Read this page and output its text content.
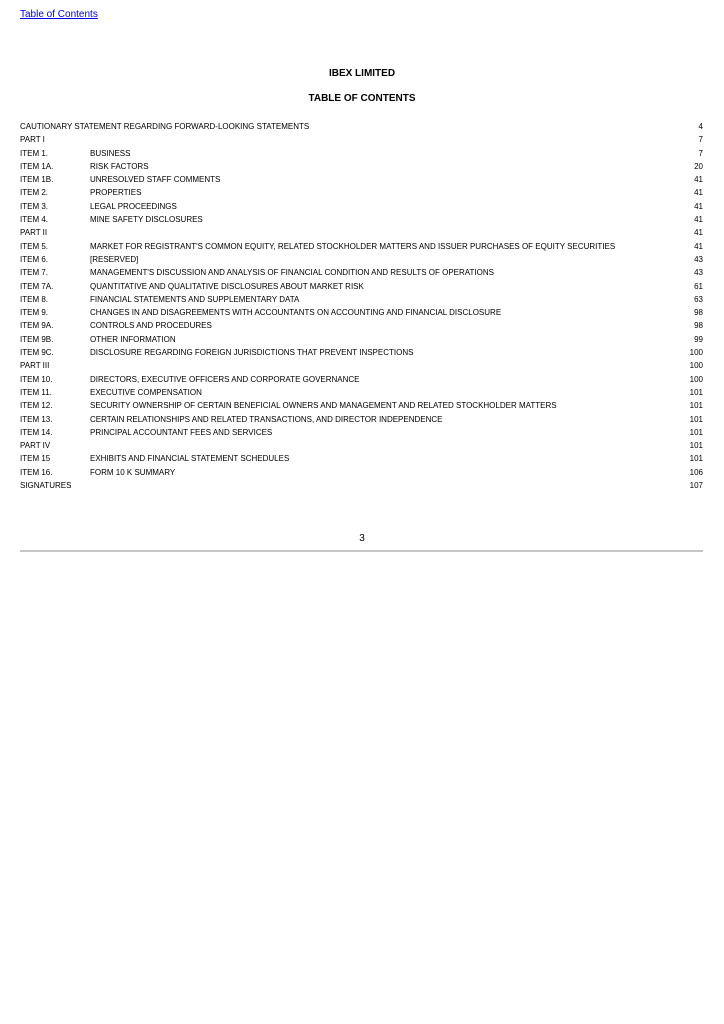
Table of Contents
IBEX LIMITED
TABLE OF CONTENTS
CAUTIONARY STATEMENT REGARDING FORWARD-LOOKING STATEMENTS	4
PART I	7
ITEM 1.	BUSINESS	7
ITEM 1A.	RISK FACTORS	20
ITEM 1B.	UNRESOLVED STAFF COMMENTS	41
ITEM 2.	PROPERTIES	41
ITEM 3.	LEGAL PROCEEDINGS	41
ITEM 4.	MINE SAFETY DISCLOSURES	41
PART II	41
ITEM 5.	MARKET FOR REGISTRANT'S COMMON EQUITY, RELATED STOCKHOLDER MATTERS AND ISSUER PURCHASES OF EQUITY SECURITIES	41
ITEM 6.	[RESERVED]	43
ITEM 7.	MANAGEMENT'S DISCUSSION AND ANALYSIS OF FINANCIAL CONDITION AND RESULTS OF OPERATIONS	43
ITEM 7A.	QUANTITATIVE AND QUALITATIVE DISCLOSURES ABOUT MARKET RISK	61
ITEM 8.	FINANCIAL STATEMENTS AND SUPPLEMENTARY DATA	63
ITEM 9.	CHANGES IN AND DISAGREEMENTS WITH ACCOUNTANTS ON ACCOUNTING AND FINANCIAL DISCLOSURE	98
ITEM 9A.	CONTROLS AND PROCEDURES	98
ITEM 9B.	OTHER INFORMATION	99
ITEM 9C.	DISCLOSURE REGARDING FOREIGN JURISDICTIONS THAT PREVENT INSPECTIONS	100
PART III	100
ITEM 10.	DIRECTORS, EXECUTIVE OFFICERS AND CORPORATE GOVERNANCE	100
ITEM 11.	EXECUTIVE COMPENSATION	101
ITEM 12.	SECURITY OWNERSHIP OF CERTAIN BENEFICIAL OWNERS AND MANAGEMENT AND RELATED STOCKHOLDER MATTERS	101
ITEM 13.	CERTAIN RELATIONSHIPS AND RELATED TRANSACTIONS, AND DIRECTOR INDEPENDENCE	101
ITEM 14.	PRINCIPAL ACCOUNTANT FEES AND SERVICES	101
PART IV	101
ITEM 15	EXHIBITS AND FINANCIAL STATEMENT SCHEDULES	101
ITEM 16.	FORM 10 K SUMMARY	106
SIGNATURES	107
3
